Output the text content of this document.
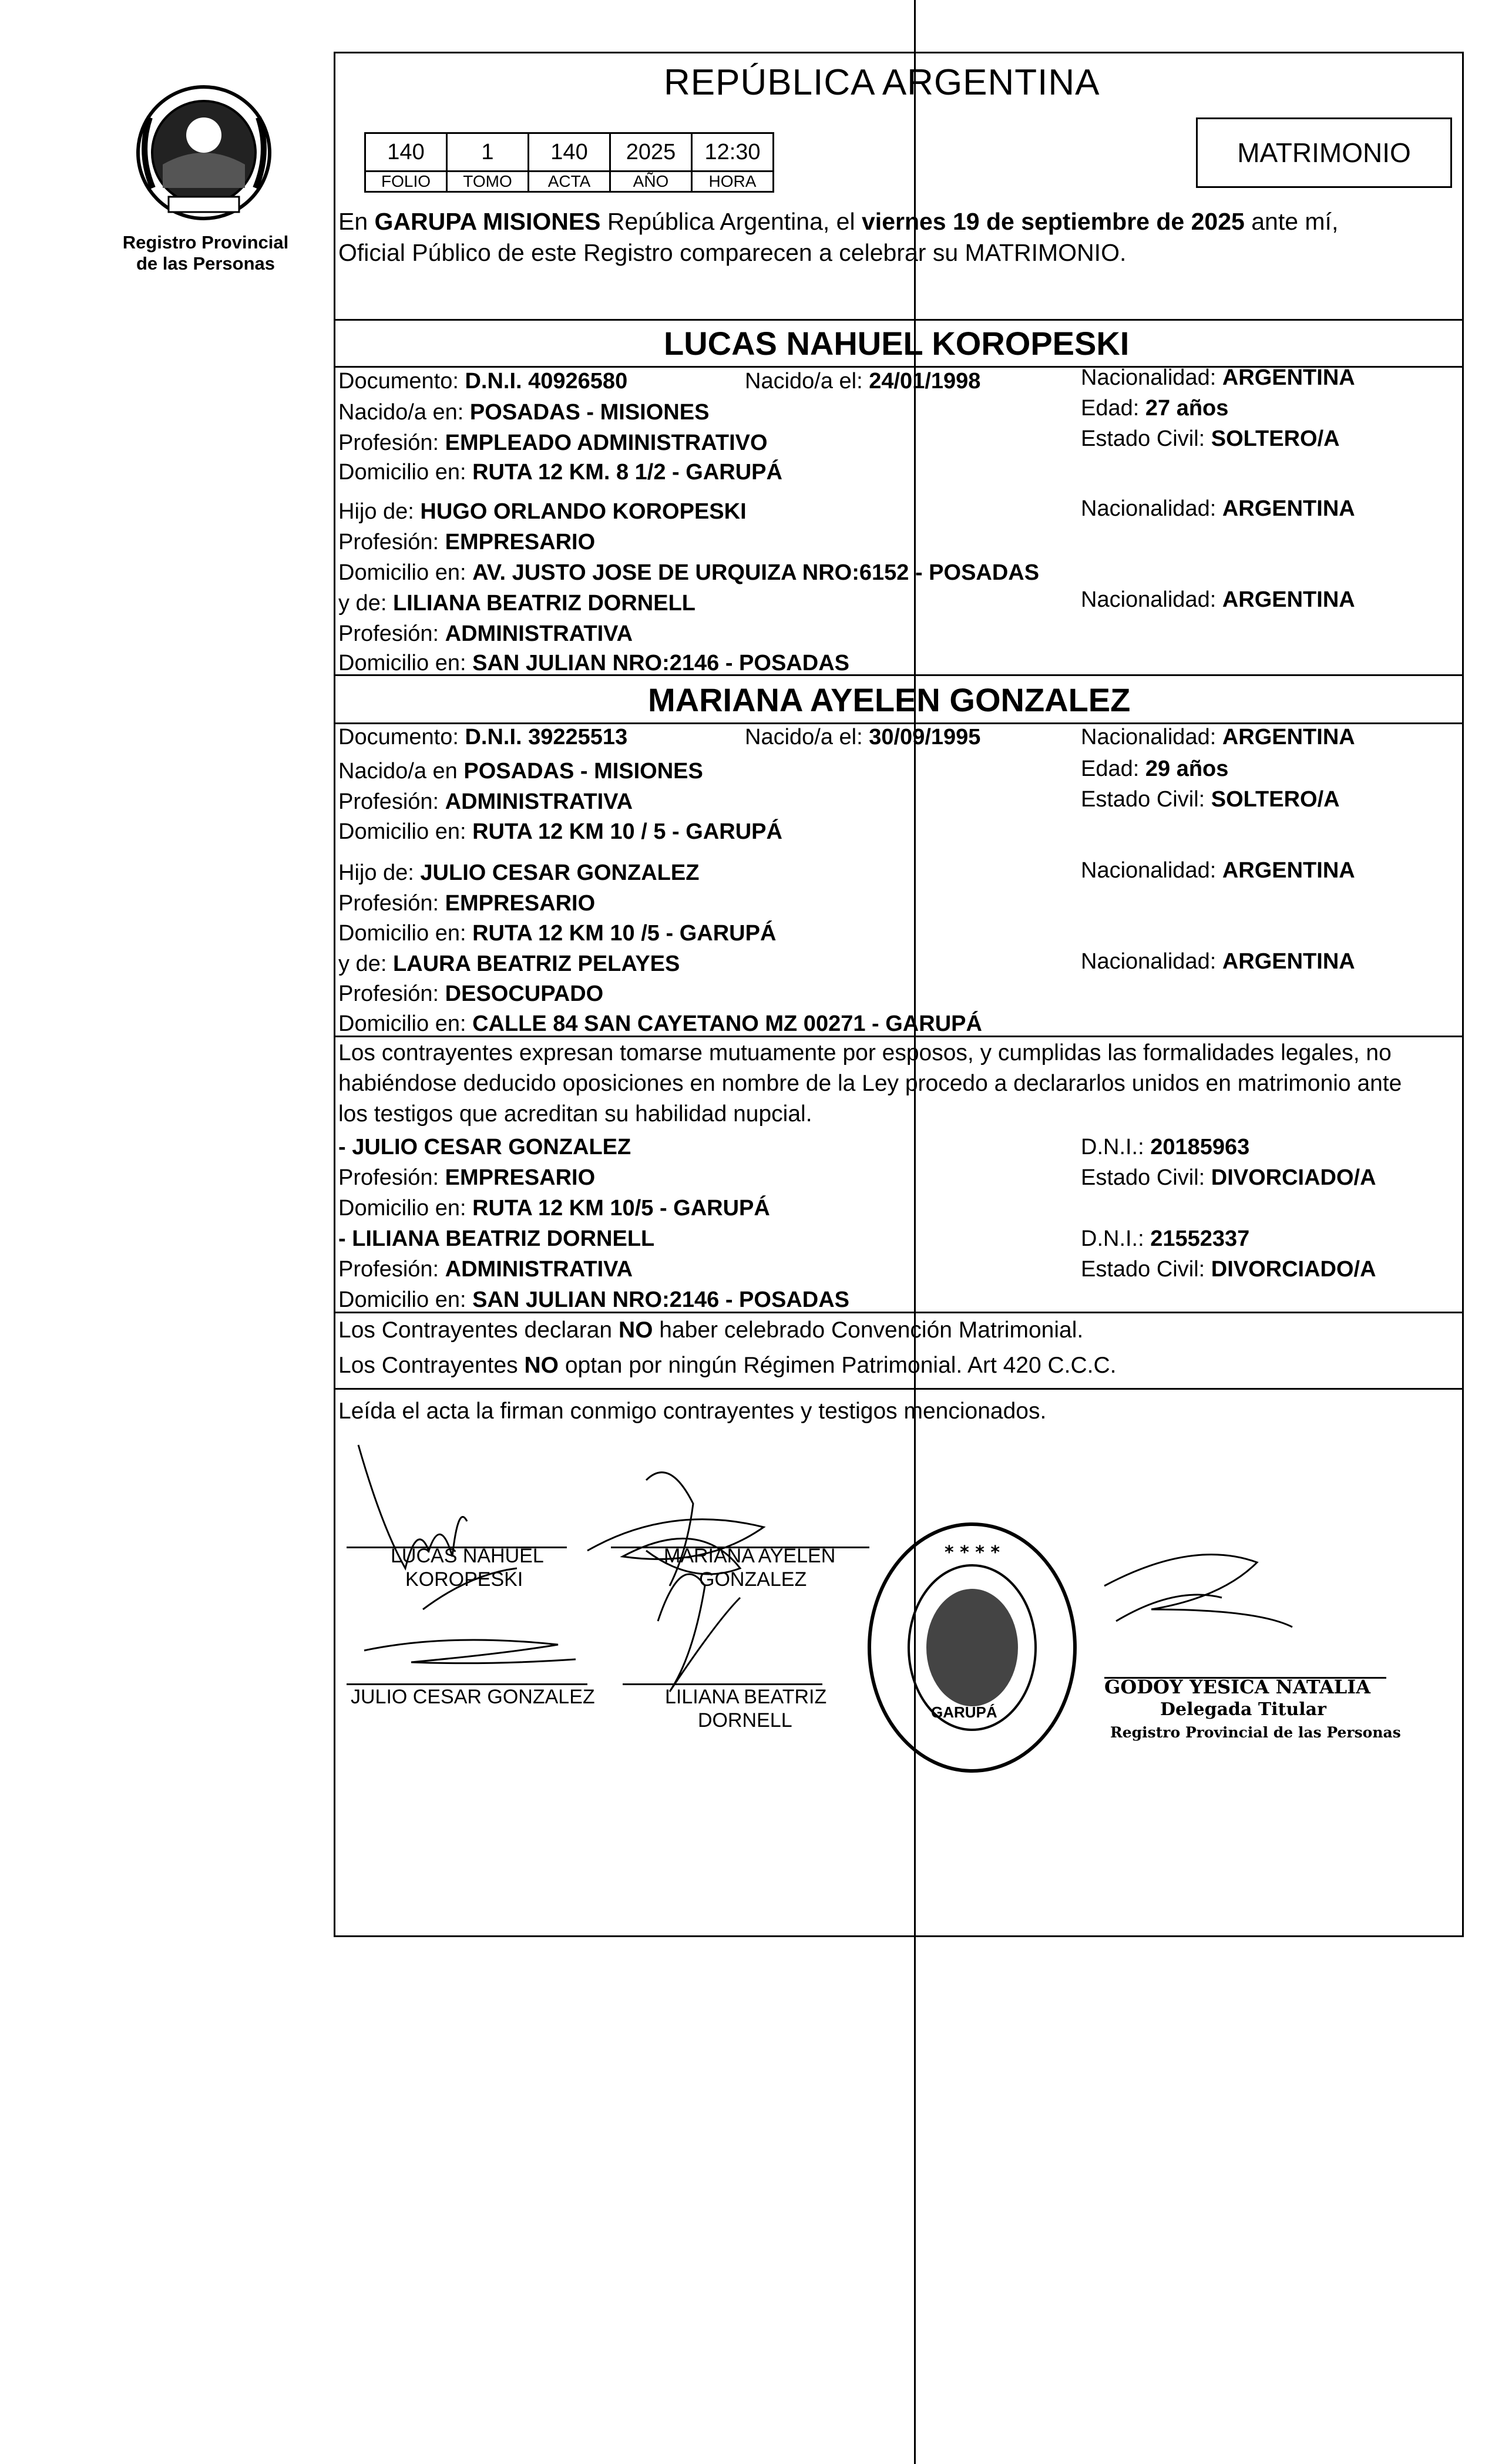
Registro Provincial
de las Personas
REPÚBLICA ARGENTINA
140	1	140	2025	12:30
FOLIO	TOMO	ACTA	AÑO	HORA
MATRIMONIO
En GARUPA MISIONES República Argentina, el viernes 19 de septiembre de 2025 ante mí,
Oficial Público de este Registro comparecen a celebrar su MATRIMONIO.
LUCAS NAHUEL KOROPESKI
Documento: D.N.I. 40926580	Nacido/a el: 24/01/1998	Nacionalidad: ARGENTINA
Nacido/a en: POSADAS - MISIONES	Edad: 27 años
Profesión: EMPLEADO ADMINISTRATIVO	Estado Civil: SOLTERO/A
Domicilio en: RUTA 12 KM. 8 1/2 - GARUPÁ
Hijo de: HUGO ORLANDO KOROPESKI	Nacionalidad: ARGENTINA
Profesión: EMPRESARIO
Domicilio en: AV. JUSTO JOSE DE URQUIZA NRO:6152 - POSADAS
y de: LILIANA BEATRIZ DORNELL	Nacionalidad: ARGENTINA
Profesión: ADMINISTRATIVA
Domicilio en: SAN JULIAN NRO:2146 - POSADAS
MARIANA AYELEN GONZALEZ
Documento: D.N.I. 39225513	Nacido/a el: 30/09/1995	Nacionalidad: ARGENTINA
Nacido/a en POSADAS - MISIONES	Edad: 29 años
Profesión: ADMINISTRATIVA	Estado Civil: SOLTERO/A
Domicilio en: RUTA 12 KM 10 / 5 - GARUPÁ
Hijo de: JULIO CESAR GONZALEZ	Nacionalidad: ARGENTINA
Profesión: EMPRESARIO
Domicilio en: RUTA 12 KM 10 /5 - GARUPÁ
y de: LAURA BEATRIZ PELAYES	Nacionalidad: ARGENTINA
Profesión: DESOCUPADO
Domicilio en: CALLE 84 SAN CAYETANO MZ 00271 - GARUPÁ
Los contrayentes expresan tomarse mutuamente por esposos, y cumplidas las formalidades legales, no
habiéndose deducido oposiciones en nombre de la Ley procedo a declararlos unidos en matrimonio ante
los testigos que acreditan su habilidad nupcial.
- JULIO CESAR GONZALEZ	D.N.I.: 20185963
Profesión: EMPRESARIO	Estado Civil: DIVORCIADO/A
Domicilio en: RUTA 12 KM 10/5 - GARUPÁ
- LILIANA BEATRIZ DORNELL	D.N.I.: 21552337
Profesión: ADMINISTRATIVA	Estado Civil: DIVORCIADO/A
Domicilio en: SAN JULIAN NRO:2146 - POSADAS
Los Contrayentes declaran NO haber celebrado Convención Matrimonial.
Los Contrayentes NO optan por ningún Régimen Patrimonial. Art 420 C.C.C.
Leída el acta la firman conmigo contrayentes y testigos mencionados.
LUCAS NAHUEL
KOROPESKI
MARIANA AYELEN
GONZALEZ
JULIO CESAR GONZALEZ	LILIANA BEATRIZ
DORNELL
* * * *
GARUPÁ
GODOY YESICA NATALIA
Delegada Titular
Registro Provincial de las Personas
